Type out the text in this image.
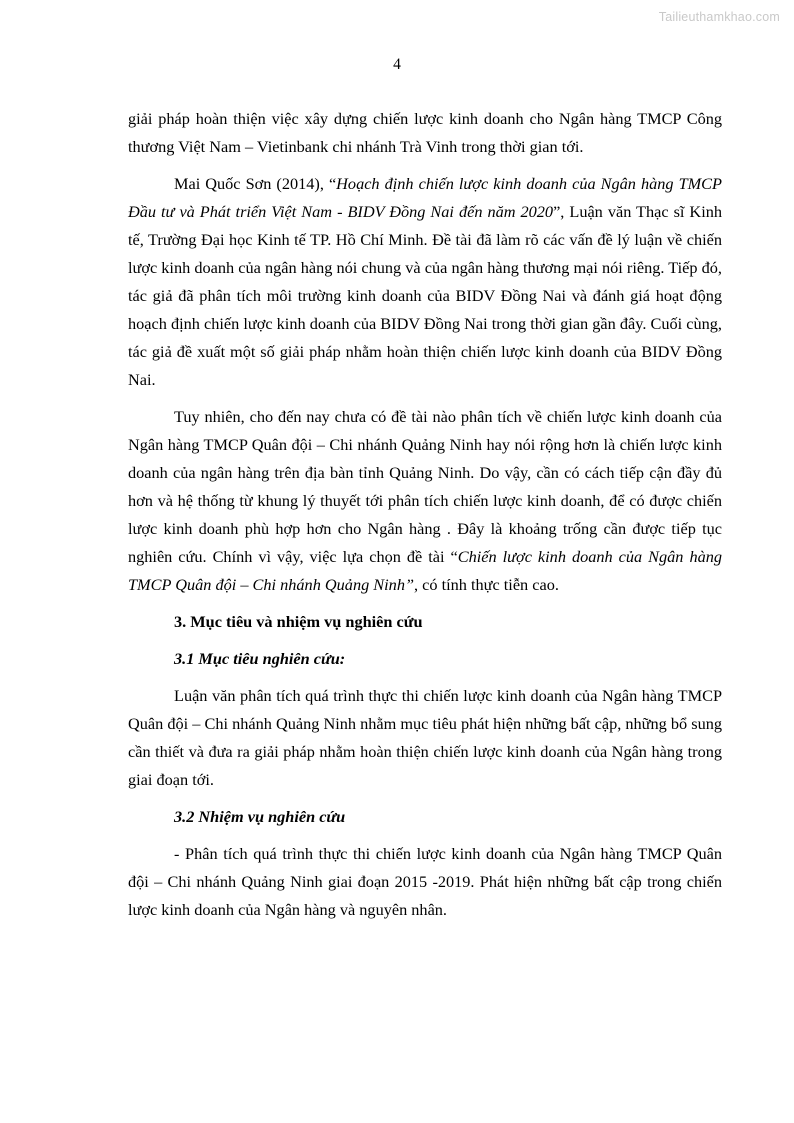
Tailieuthamkhao.com
4

giải pháp hoàn thiện việc xây dựng chiến lược kinh doanh cho Ngân hàng TMCP Công thương Việt Nam – Vietinbank chi nhánh Trà Vinh trong thời gian tới.

Mai Quốc Sơn (2014), “Hoạch định chiến lược kinh doanh của Ngân hàng TMCP Đầu tư và Phát triển Việt Nam - BIDV Đồng Nai đến năm 2020”, Luận văn Thạc sĩ Kinh tế, Trường Đại học Kinh tế TP. Hồ Chí Minh. Đề tài đã làm rõ các vấn đề lý luận về chiến lược kinh doanh của ngân hàng nói chung và của ngân hàng thương mại nói riêng. Tiếp đó, tác giả đã phân tích môi trường kinh doanh của BIDV Đồng Nai và đánh giá hoạt động hoạch định chiến lược kinh doanh của BIDV Đồng Nai trong thời gian gần đây. Cuối cùng, tác giả đề xuất một số giải pháp nhằm hoàn thiện chiến lược kinh doanh của BIDV Đồng Nai.

Tuy nhiên, cho đến nay chưa có đề tài nào phân tích về chiến lược kinh doanh của Ngân hàng TMCP Quân đội – Chi nhánh Quảng Ninh hay nói rộng hơn là chiến lược kinh doanh của ngân hàng trên địa bàn tỉnh Quảng Ninh. Do vậy, cần có cách tiếp cận đầy đủ hơn và hệ thống từ khung lý thuyết tới phân tích chiến lược kinh doanh, để có được chiến lược kinh doanh phù hợp hơn cho Ngân hàng . Đây là khoảng trống cần được tiếp tục nghiên cứu. Chính vì vậy, việc lựa chọn đề tài “Chiến lược kinh doanh của Ngân hàng TMCP Quân đội – Chi nhánh Quảng Ninh”, có tính thực tiễn cao.

3. Mục tiêu và nhiệm vụ nghiên cứu

3.1 Mục tiêu nghiên cứu:

Luận văn phân tích quá trình thực thi chiến lược kinh doanh của Ngân hàng TMCP Quân đội – Chi nhánh Quảng Ninh nhằm mục tiêu phát hiện những bất cập, những bổ sung cần thiết và đưa ra giải pháp nhằm hoàn thiện chiến lược kinh doanh của Ngân hàng trong giai đoạn tới.

3.2 Nhiệm vụ nghiên cứu

- Phân tích quá trình thực thi chiến lược kinh doanh của Ngân hàng TMCP Quân đội – Chi nhánh Quảng Ninh giai đoạn 2015 -2019. Phát hiện những bất cập trong chiến lược kinh doanh của Ngân hàng và nguyên nhân.
